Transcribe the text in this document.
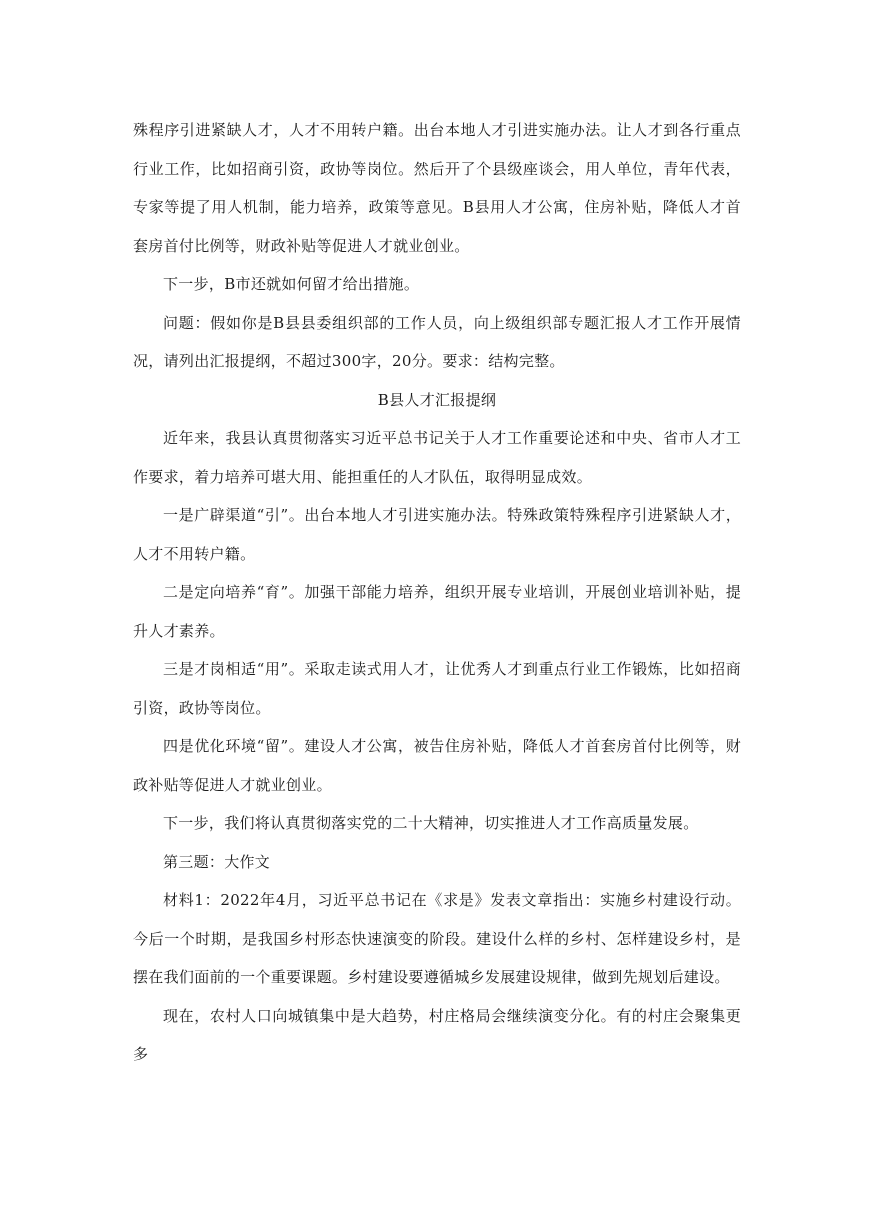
殊程序引进紧缺人才，人才不用转户籍。出台本地人才引进实施办法。让人才到各行重点行业工作，比如招商引资，政协等岗位。然后开了个县级座谈会，用人单位，青年代表，专家等提了用人机制，能力培养，政策等意见。B县用人才公寓，住房补贴，降低人才首套房首付比例等，财政补贴等促进人才就业创业。

下一步，B市还就如何留才给出措施。

问题：假如你是B县县委组织部的工作人员，向上级组织部专题汇报人才工作开展情况，请列出汇报提纲，不超过300字，20分。要求：结构完整。

B县人才汇报提纲

近年来，我县认真贯彻落实习近平总书记关于人才工作重要论述和中央、省市人才工作要求，着力培养可堪大用、能担重任的人才队伍，取得明显成效。

一是广辟渠道“引”。出台本地人才引进实施办法。特殊政策特殊程序引进紧缺人才，人才不用转户籍。

二是定向培养“育”。加强干部能力培养，组织开展专业培训，开展创业培训补贴，提升人才素养。

三是才岗相适“用”。采取走读式用人才，让优秀人才到重点行业工作锻炼，比如招商引资，政协等岗位。

四是优化环境“留”。建设人才公寓，被告住房补贴，降低人才首套房首付比例等，财政补贴等促进人才就业创业。

下一步，我们将认真贯彻落实党的二十大精神，切实推进人才工作高质量发展。

第三题：大作文

材料1：2022年4月，习近平总书记在《求是》发表文章指出：实施乡村建设行动。今后一个时期，是我国乡村形态快速演变的阶段。建设什么样的乡村、怎样建设乡村，是摆在我们面前的一个重要课题。乡村建设要遵循城乡发展建设规律，做到先规划后建设。

现在，农村人口向城镇集中是大趋势，村庄格局会继续演变分化。有的村庄会聚集更多
